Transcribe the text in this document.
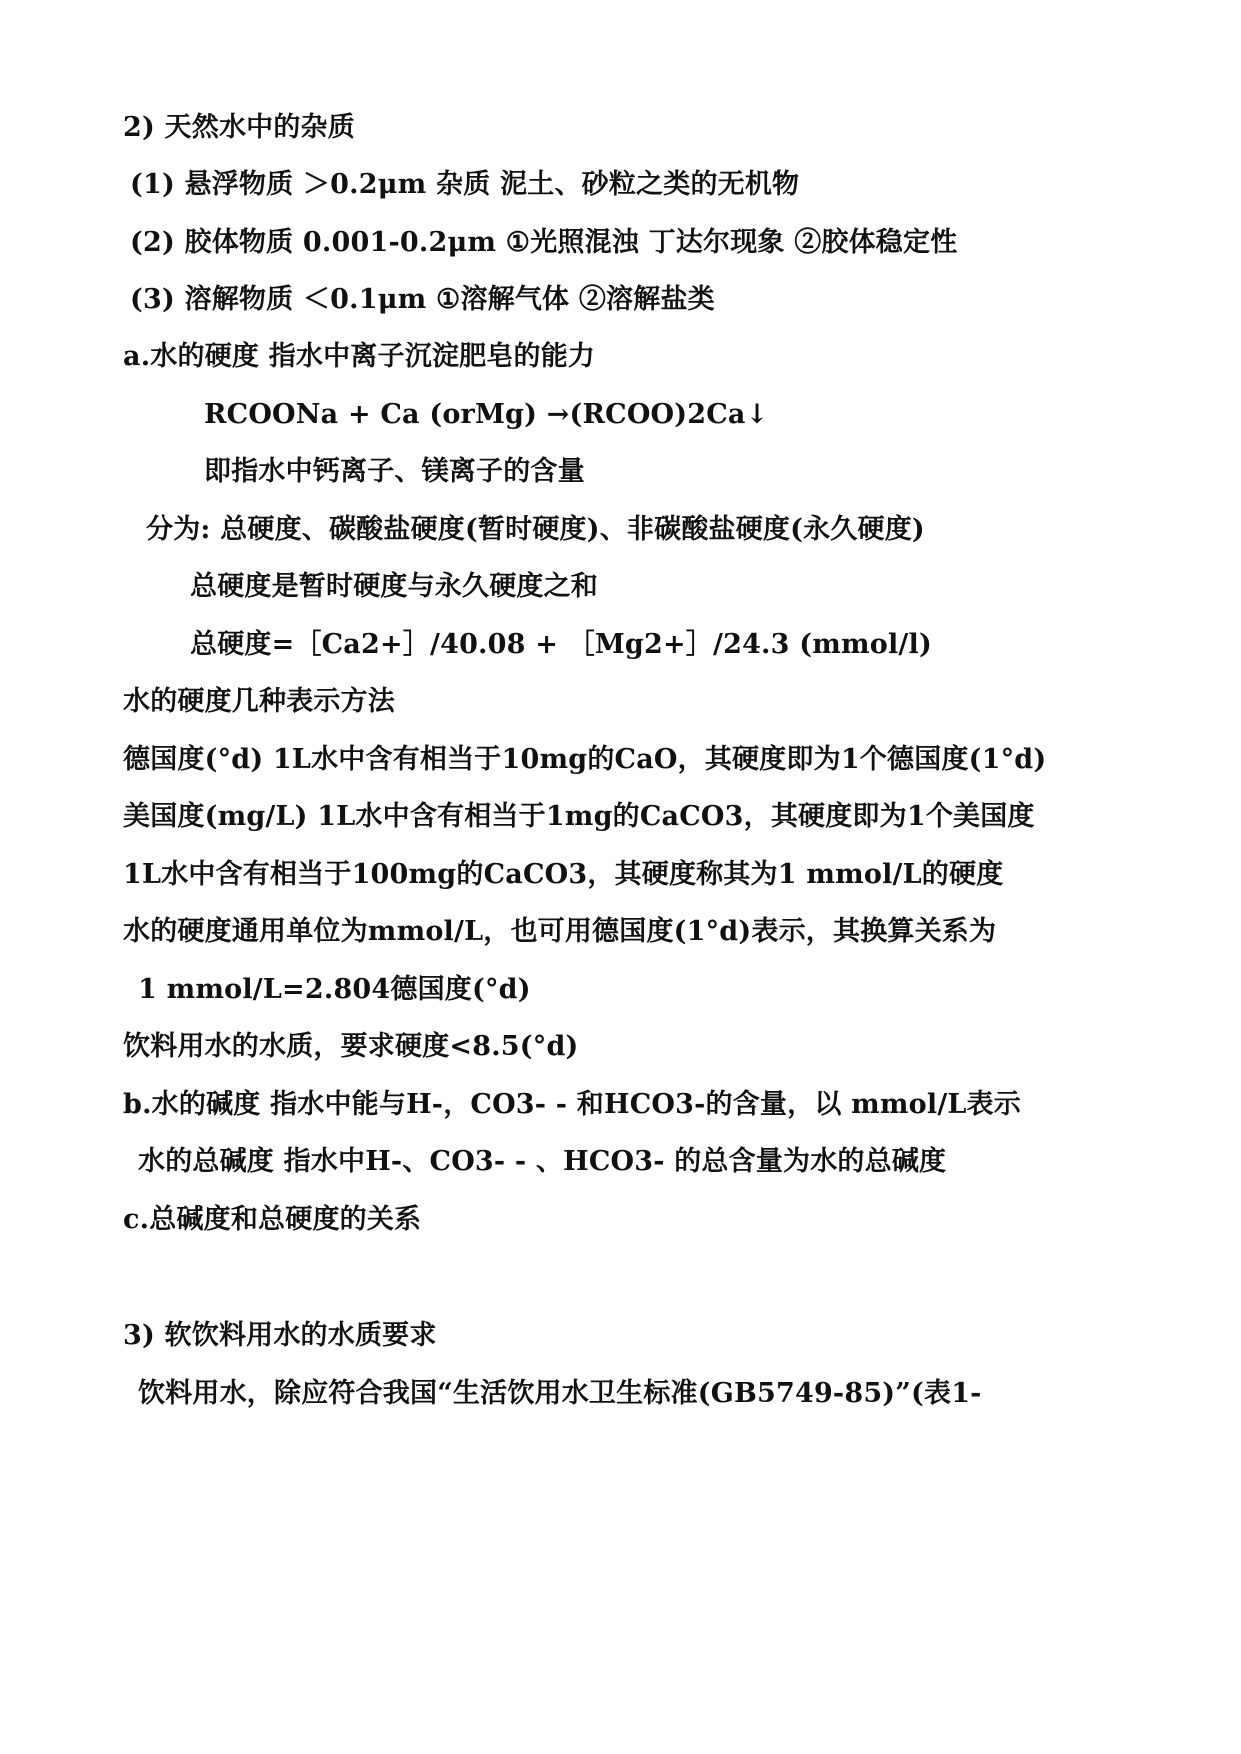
2) 天然水中的杂质
(1) 悬浮物质 ＞0.2μm 杂质 泥土、砂粒之类的无机物
(2) 胶体物质 0.001-0.2μm ①光照混浊 丁达尔现象 ②胶体稳定性
(3) 溶解物质 ＜0.1μm ①溶解气体 ②溶解盐类
a.水的硬度 指水中离子沉淀肥皂的能力
RCOONa + Ca (orMg) →(RCOO)2Ca↓
即指水中钙离子、镁离子的含量
分为: 总硬度、碳酸盐硬度(暂时硬度)、非碳酸盐硬度(永久硬度)
总硬度是暂时硬度与永久硬度之和
总硬度=［Ca2+］/40.08 + ［Mg2+］/24.3 (mmol/l)
水的硬度几种表示方法
德国度(°d) 1L水中含有相当于10mg的CaO，其硬度即为1个德国度(1°d)
美国度(mg/L) 1L水中含有相当于1mg的CaCO3，其硬度即为1个美国度
1L水中含有相当于100mg的CaCO3，其硬度称其为1 mmol/L的硬度
水的硬度通用单位为mmol/L，也可用德国度(1°d)表示，其换算关系为
1 mmol/L=2.804德国度(°d)
饮料用水的水质，要求硬度<8.5(°d)
b.水的碱度 指水中能与H-，CO3- - 和HCO3-的含量，以 mmol/L表示
水的总碱度 指水中H-、CO3- - 、HCO3- 的总含量为水的总碱度
c.总碱度和总硬度的关系
3) 软饮料用水的水质要求
饮料用水，除应符合我国“生活饮用水卫生标准(GB5749-85)”(表1-
